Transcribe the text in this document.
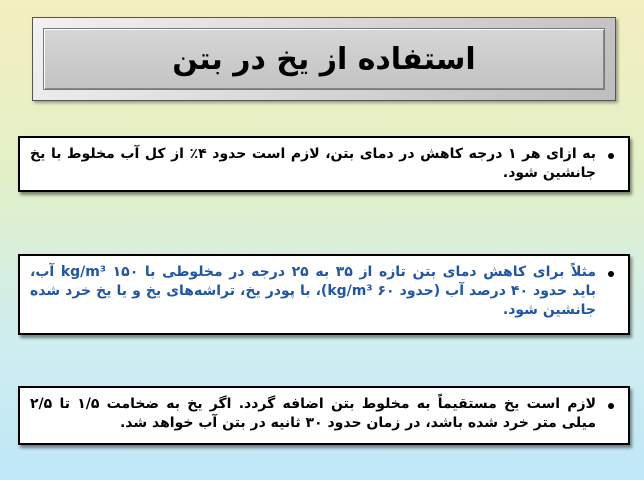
استفاده از یخ در بتن
به ازای هر ۱ درجه کاهش در دمای بتن، لازم است حدود ۴٪ از کل آب مخلوط با یخ جانشین شود.
مثلاً برای کاهش دمای بتن تازه از ۳۵ به ۲۵ درجه در مخلوطی با ۱۵۰ kg/m³ آب، باید حدود ۴۰ درصد آب (حدود ۶۰ kg/m³)، با پودر یخ، تراشه‌های یخ و یا یخ خرد شده جانشین شود.
لازم است یخ مستقیماً به مخلوط بتن اضافه گردد. اگر یخ به ضخامت ۱/۵ تا ۲/۵ میلی متر خرد شده باشد، در زمان حدود ۳۰ ثانیه در بتن آب خواهد شد.
